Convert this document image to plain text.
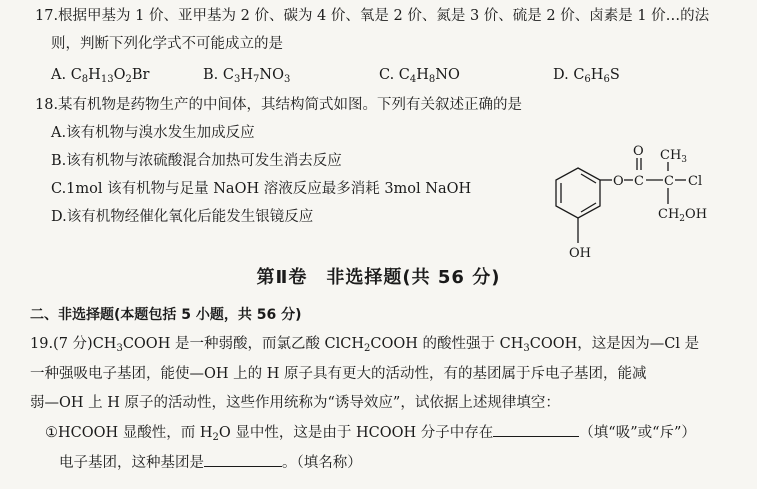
17.根据甲基为 1 价、亚甲基为 2 价、碳为 4 价、氧是 2 价、氮是 3 价、硫是 2 价、卤素是 1 价…的法
则，判断下列化学式不可能成立的是
A. $C_8H_{13}O_2Br$	B. $C_3H_7NO_3$	C. $C_4H_8NO$	D. $C_6H_6S$
18.某有机物是药物生产的中间体，其结构简式如图。下列有关叙述正确的是
A.该有机物与溴水发生加成反应
B.该有机物与浓硫酸混合加热可发生消去反应
C.1mol 该有机物与足量 NaOH 溶液反应最多消耗 3mol NaOH
D.该有机物经催化氧化后能发生银镜反应
O $CH_3$
O C C Cl
$CH_2OH$
OH
第Ⅱ卷　非选择题(共 56 分)
二、非选择题(本题包括 5 小题，共 56 分)
19.(7 分)$CH_3COOH$ 是一种弱酸，而氯乙酸 ClCH$_2$COOH 的酸性强于 $CH_3COOH$，这是因为—Cl 是
一种强吸电子基团，能使—OH 上的 H 原子具有更大的活动性，有的基团属于斥电子基团，能减
弱—OH 上 H 原子的活动性，这些作用统称为“诱导效应”，试依据上述规律填空：
①HCOOH 显酸性，而 $H_2O$ 显中性，这是由于 HCOOH 分子中存在	（填“吸”或“斥”）
电子基团，这种基团是	。（填名称）
